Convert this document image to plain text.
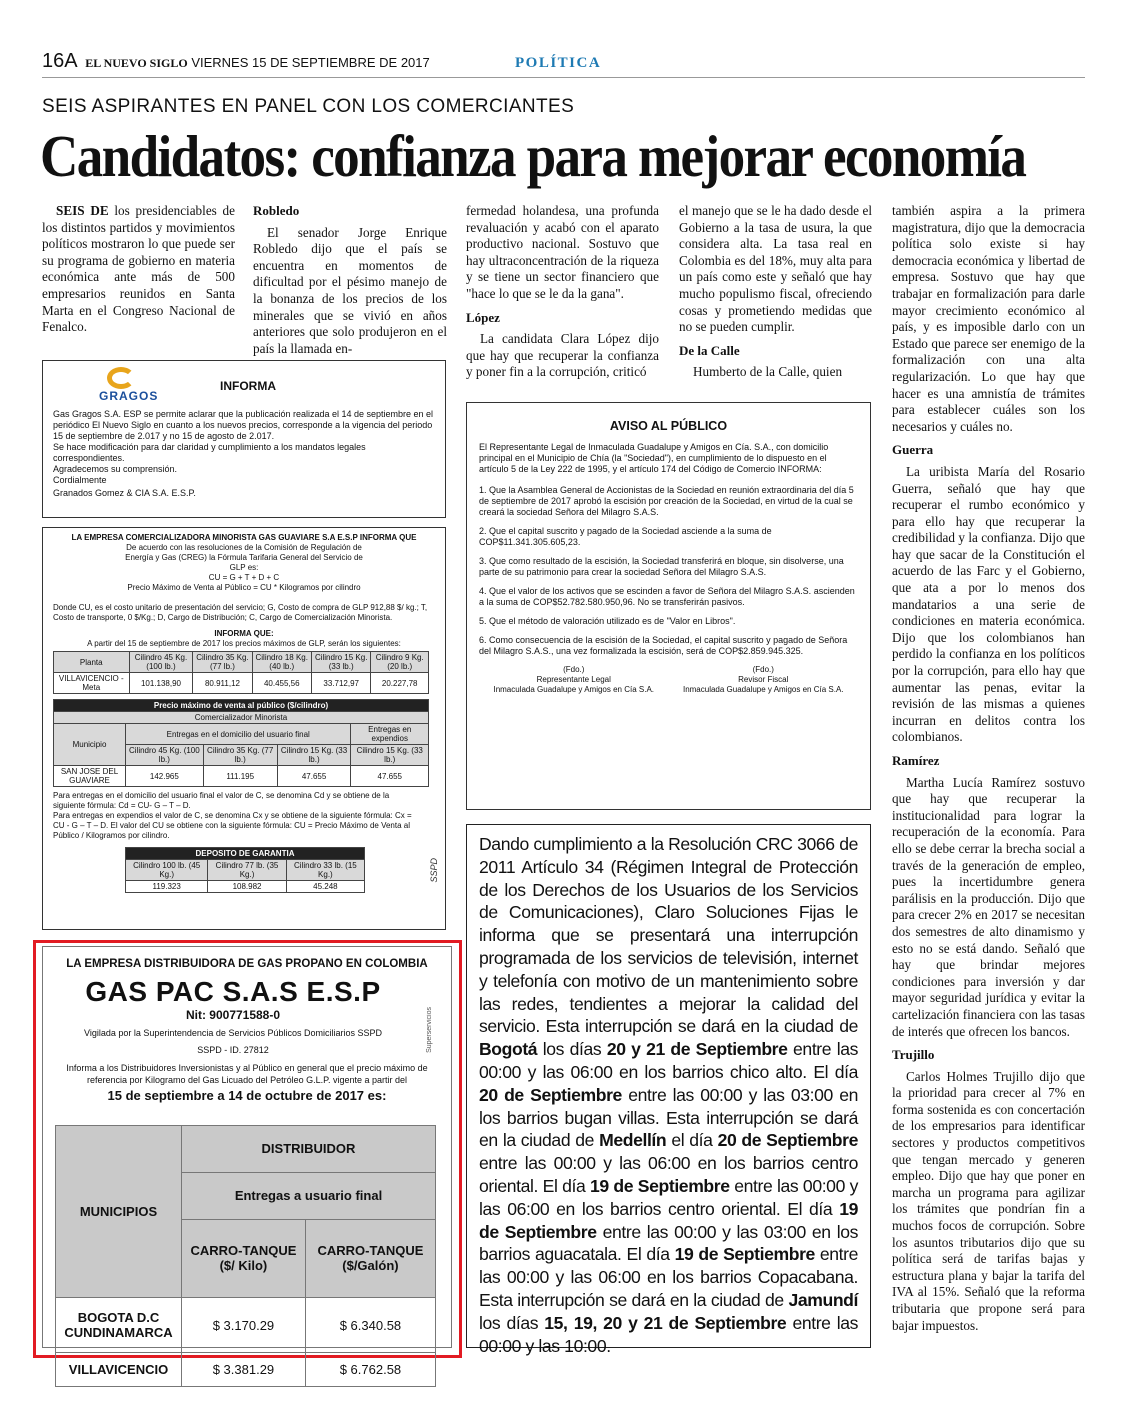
16A EL NUEVO SIGLO VIERNES 15 DE SEPTIEMBRE DE 2017	POLÍTICA
SEIS ASPIRANTES EN PANEL CON LOS COMERCIANTES
Candidatos: confianza para mejorar economía

SEIS DE los presidenciables de los distintos partidos y movimientos políticos mostraron lo que puede ser su programa de gobierno en materia económica ante más de 500 empresarios reunidos en Santa Marta en el Congreso Nacional de Fenalco.

Robledo

El senador Jorge Enrique Robledo dijo que el país se encuentra en momentos de dificultad por el pésimo manejo de la bonanza de los precios de los minerales que se vivió en años anteriores que solo produjeron en el país la llamada en-

fermedad holandesa, una profunda revaluación y acabó con el aparato productivo nacional. Sostuvo que hay ultraconcentración de la riqueza y se tiene un sector financiero que "hace lo que se le da la gana".

López

La candidata Clara López dijo que hay que recuperar la confianza y poner fin a la corrupción, criticó

el manejo que se le ha dado desde el Gobierno a la tasa de usura, la que considera alta. La tasa real en Colombia es del 18%, muy alta para un país como este y señaló que hay mucho populismo fiscal, ofreciendo cosas y prometiendo medidas que no se pueden cumplir.

De la Calle

Humberto de la Calle, quien

también aspira a la primera magistratura, dijo que la democracia política solo existe si hay democracia económica y libertad de empresa. Sostuvo que hay que trabajar en formalización para darle mayor crecimiento económico al país, y es imposible darlo con un Estado que parece ser enemigo de la formalización con una alta regularización. Lo que hay que hacer es una amnistía de trámites para establecer cuáles son los necesarios y cuáles no.

Guerra

La uribista María del Rosario Guerra, señaló que hay que recuperar el rumbo económico y para ello hay que recuperar la credibilidad y la confianza. Dijo que hay que sacar de la Constitución el acuerdo de las Farc y el Gobierno, que ata a por lo menos dos mandatarios a una serie de condiciones en materia económica. Dijo que los colombianos han perdido la confianza en los políticos por la corrupción, para ello hay que aumentar las penas, evitar la revisión de las mismas a quienes incurran en delitos contra los colombianos.

Ramírez

Martha Lucía Ramírez sostuvo que hay que recuperar la institucionalidad para lograr la recuperación de la economía. Para ello se debe cerrar la brecha social a través de la generación de empleo, pues la incertidumbre genera parálisis en la producción. Dijo que para crecer 2% en 2017 se necesitan dos semestres de alto dinamismo y esto no se está dando. Señaló que hay que brindar mejores condiciones para inversión y dar mayor seguridad jurídica y evitar la cartelización financiera con las tasas de interés que ofrecen los bancos.

Trujillo

Carlos Holmes Trujillo dijo que la prioridad para crecer al 7% en forma sostenida es con concertación de los empresarios para identificar sectores y productos competitivos que tengan mercado y generen empleo. Dijo que hay que poner en marcha un programa para agilizar los trámites que pondrían fin a muchos focos de corrupción. Sobre los asuntos tributarios dijo que su política será de tarifas bajas y estructura plana y bajar la tarifa del IVA al 15%. Señaló que la reforma tributaria que propone será para bajar impuestos.

GRAGOS
INFORMA
Gas Gragos S.A. ESP se permite aclarar que la publicación realizada el 14 de septiembre en el periódico El Nuevo Siglo en cuanto a los nuevos precios, corresponde a la vigencia del periodo 15 de septiembre de 2.017 y no 15 de agosto de 2.017.
Se hace modificación para dar claridad y cumplimiento a los mandatos legales correspondientes.
Agradecemos su comprensión.
Cordialmente
Granados Gomez & CIA S.A. E.S.P.
LA EMPRESA COMERCIALIZADORA MINORISTA GAS GUAVIARE S.A E.S.P INFORMA QUE
De acuerdo con las resoluciones de la Comisión de Regulación de Energía y Gas (CREG) la Fórmula Tarifaria General del Servicio de GLP es:
CU = G + T + D + C
Precio Máximo de Venta al Público = CU * Kilogramos por cilindro
Donde CU, es el costo unitario de presentación del servicio; G, Costo de compra de GLP 912,88 $/ kg.; T, Costo de transporte, 0 $/Kg.; D, Cargo de Distribución; C, Cargo de Comercialización Minorista.
INFORMA QUE:
A partir del 15 de septiembre de 2017 los precios máximos de GLP, serán los siguientes:
Planta	Cilindro 45 Kg. (100 lb.)	Cilindro 35 Kg. (77 lb.)	Cilindro 18 Kg. (40 lb.)	Cilindro 15 Kg. (33 lb.)	Cilindro 9 Kg. (20 lb.)
VILLAVICENCIO - Meta	101.138,90	80.911,12	40.455,56	33.712,97	20.227,78
Precio máximo de venta al público ($/cilindro)				
Comercializador Minorista				
Municipio	Entregas en el domicilio del usuario final			Entregas en expendios
	Cilindro 45 Kg. (100 lb.)	Cilindro 35 Kg. (77 lb.)	Cilindro 15 Kg. (33 lb.)	Cilindro 15 Kg. (33 lb.)
SAN JOSE DEL GUAVIARE	142.965	111.195	47.655	47.655
Para entregas en el domicilio del usuario final el valor de C, se denomina Cd y se obtiene de la siguiente fórmula: Cd = CU- G – T – D.
Para entregas en expendios el valor de C, se denomina Cx y se obtiene de la siguiente fórmula: Cx = CU - G – T – D. El valor del CU se obtiene con la siguiente fórmula: CU = Precio Máximo de Venta al Público / Kilogramos por cilindro.
DEPOSITO DE GARANTIA		
Cilindro 100 lb. (45 Kg.)	Cilindro 77 lb. (35 Kg.)	Cilindro 33 lb. (15 Kg.)
119.323	108.982	45.248
SSPD
LA EMPRESA DISTRIBUIDORA DE GAS PROPANO EN COLOMBIA
GAS PAC S.A.S E.S.P
Nit: 900771588-0
Vigilada por la Superintendencia de Servicios Públicos Domiciliarios SSPD
SSPD - ID. 27812
Informa a los Distribuidores Inversionistas y al Público en general que el precio máximo de referencia por Kilogramo del Gas Licuado del Petróleo G.L.P. vigente a partir del
15 de septiembre a 14 de octubre de 2017 es:
Superservicios
MUNICIPIOS	DISTRIBUIDOR	
	Entregas a usuario final	
	CARRO-TANQUE ($/ Kilo)	CARRO-TANQUE ($/Galón)
BOGOTA D.C CUNDINAMARCA	$ 3.170.29	$ 6.340.58
VILLAVICENCIO	$ 3.381.29	$ 6.762.58
AVISO AL PÚBLICO
El Representante Legal de Inmaculada Guadalupe y Amigos en Cía. S.A., con domicilio principal en el Municipio de Chía (la "Sociedad"), en cumplimiento de lo dispuesto en el artículo 5 de la Ley 222 de 1995, y el artículo 174 del Código de Comercio INFORMA:
1. Que la Asamblea General de Accionistas de la Sociedad en reunión extraordinaria del día 5 de septiembre de 2017 aprobó la escisión por creación de la Sociedad, en virtud de la cual se creará la sociedad Señora del Milagro S.A.S.
2. Que el capital suscrito y pagado de la Sociedad asciende a la suma de COP$11.341.305.605,23.
3. Que como resultado de la escisión, la Sociedad transferirá en bloque, sin disolverse, una parte de su patrimonio para crear la sociedad Señora del Milagro S.A.S.
4. Que el valor de los activos que se escinden a favor de Señora del Milagro S.A.S. ascienden a la suma de COP$52.782.580.950,96. No se transferirán pasivos.
5. Que el método de valoración utilizado es de "Valor en Libros".
6. Como consecuencia de la escisión de la Sociedad, el capital suscrito y pagado de Señora del Milagro S.A.S., una vez formalizada la escisión, será de COP$2.859.945.325.
(Fdo.)
Representante Legal
Inmaculada Guadalupe y Amigos en Cía S.A.
(Fdo.)
Revisor Fiscal
Inmaculada Guadalupe y Amigos en Cía S.A.
Dando cumplimiento a la Resolución CRC 3066 de 2011 Artículo 34 (Régimen Integral de Protección de los Derechos de los Usuarios de los Servicios de Comunicaciones), Claro Soluciones Fijas le informa que se presentará una interrupción programada de los servicios de televisión, internet y telefonía con motivo de un mantenimiento sobre las redes, tendientes a mejorar la calidad del servicio. Esta interrupción se dará en la ciudad de Bogotá los días 20 y 21 de Septiembre entre las 00:00 y las 06:00 en los barrios chico alto. El día 20 de Septiembre entre las 00:00 y las 03:00 en los barrios bugan villas. Esta interrupción se dará en la ciudad de Medellín el día 20 de Septiembre entre las 00:00 y las 06:00 en los barrios centro oriental. El día 19 de Septiembre entre las 00:00 y las 06:00 en los barrios centro oriental. El día 19 de Septiembre entre las 00:00 y las 03:00 en los barrios aguacatala. El día 19 de Septiembre entre las 00:00 y las 06:00 en los barrios Copacabana. Esta interrupción se dará en la ciudad de Jamundí los días 15, 19, 20 y 21 de Septiembre entre las 00:00 y las 10:00.
